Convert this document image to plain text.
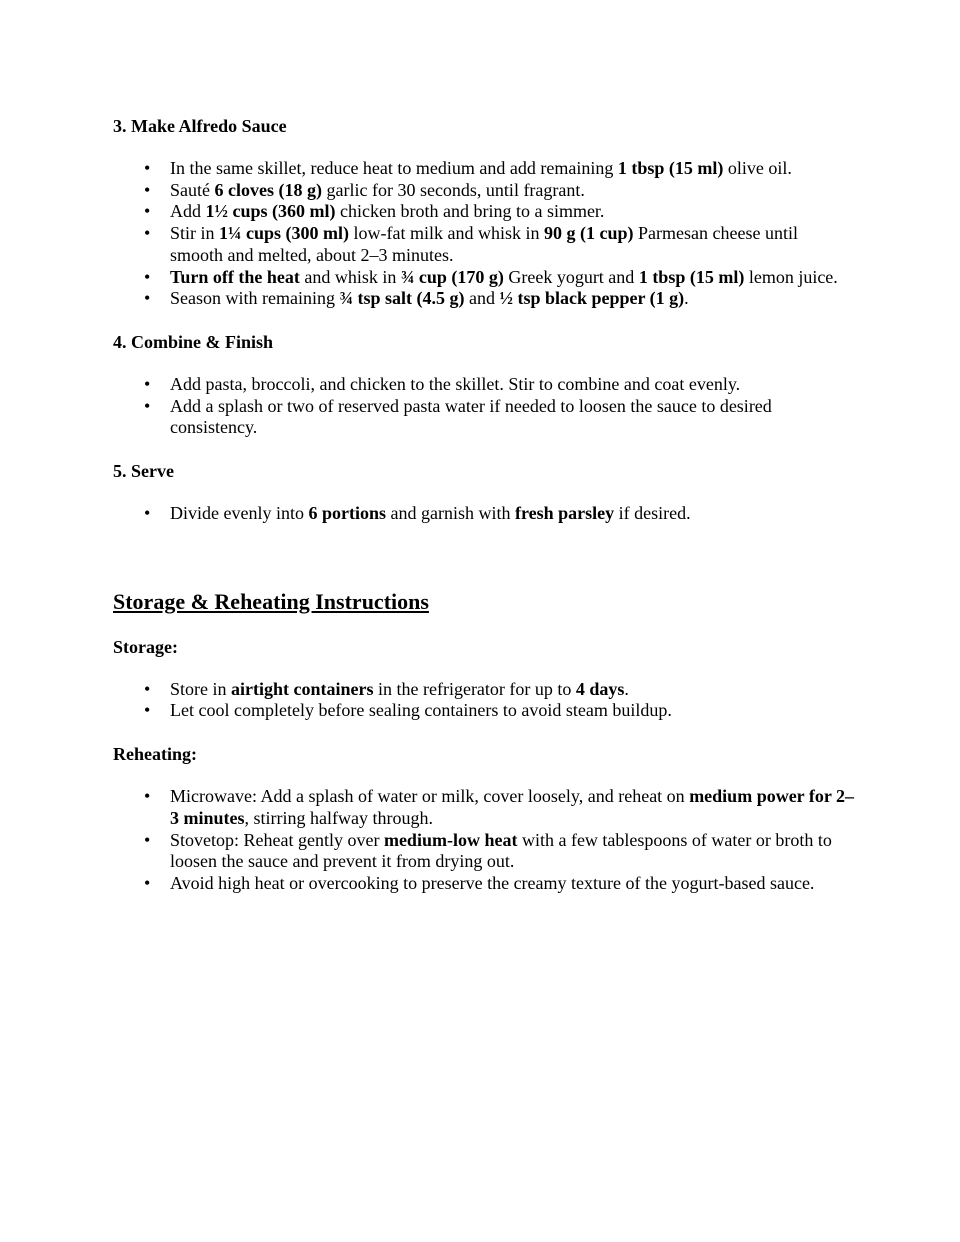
3. Make Alfredo Sauce
• In the same skillet, reduce heat to medium and add remaining 1 tbsp (15 ml) olive oil.
• Sauté 6 cloves (18 g) garlic for 30 seconds, until fragrant.
• Add 1½ cups (360 ml) chicken broth and bring to a simmer.
• Stir in 1¼ cups (300 ml) low-fat milk and whisk in 90 g (1 cup) Parmesan cheese until smooth and melted, about 2–3 minutes.
• Turn off the heat and whisk in ¾ cup (170 g) Greek yogurt and 1 tbsp (15 ml) lemon juice.
• Season with remaining ¾ tsp salt (4.5 g) and ½ tsp black pepper (1 g).
4. Combine & Finish
• Add pasta, broccoli, and chicken to the skillet. Stir to combine and coat evenly.
• Add a splash or two of reserved pasta water if needed to loosen the sauce to desired consistency.
5. Serve
• Divide evenly into 6 portions and garnish with fresh parsley if desired.
Storage & Reheating Instructions
Storage:
• Store in airtight containers in the refrigerator for up to 4 days.
• Let cool completely before sealing containers to avoid steam buildup.
Reheating:
• Microwave: Add a splash of water or milk, cover loosely, and reheat on medium power for 2–3 minutes, stirring halfway through.
• Stovetop: Reheat gently over medium-low heat with a few tablespoons of water or broth to loosen the sauce and prevent it from drying out.
• Avoid high heat or overcooking to preserve the creamy texture of the yogurt-based sauce.
